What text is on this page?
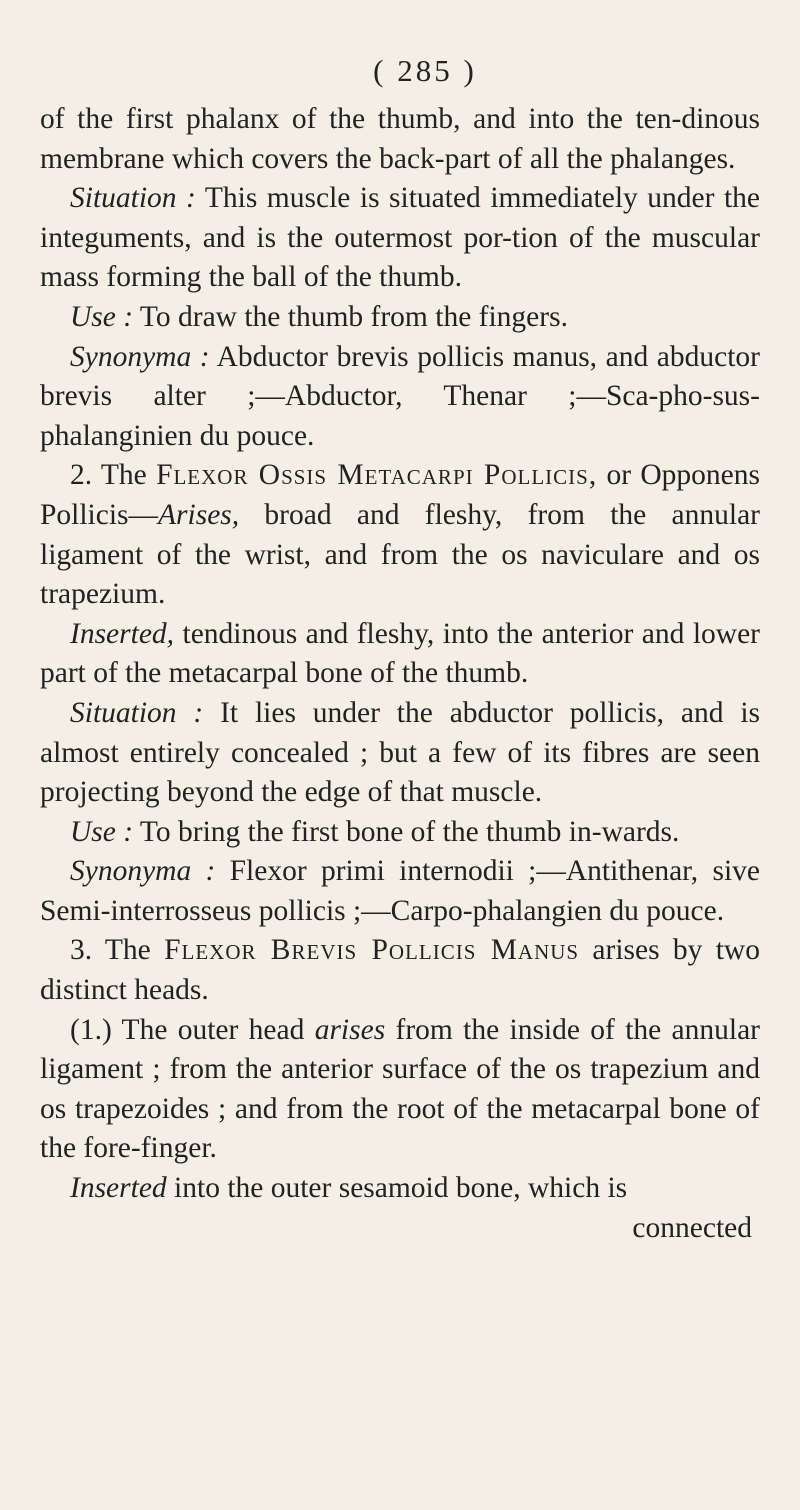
( 285 )

of the first phalanx of the thumb, and into the ten-dinous membrane which covers the back-part of all the phalanges.

Situation : This muscle is situated immediately under the integuments, and is the outermost por-tion of the muscular mass forming the ball of the thumb.

Use : To draw the thumb from the fingers.

Synonyma : Abductor brevis pollicis manus, and abductor brevis alter ;—Abductor, Thenar ;—Sca-pho-sus-phalanginien du pouce.

2. The Flexor Ossis Metacarpi Pollicis, or Opponens Pollicis—Arises, broad and fleshy, from the annular ligament of the wrist, and from the os naviculare and os trapezium.

Inserted, tendinous and fleshy, into the anterior and lower part of the metacarpal bone of the thumb.

Situation : It lies under the abductor pollicis, and is almost entirely concealed ; but a few of its fibres are seen projecting beyond the edge of that muscle.

Use : To bring the first bone of the thumb in-wards.

Synonyma : Flexor primi internodii ;—Antithenar, sive Semi-interrosseus pollicis ;—Carpo-phalangien du pouce.

3. The Flexor Brevis Pollicis Manus arises by two distinct heads.

(1.) The outer head arises from the inside of the annular ligament ; from the anterior surface of the os trapezium and os trapezoides ; and from the root of the metacarpal bone of the fore-finger.

Inserted into the outer sesamoid bone, which is

connected
